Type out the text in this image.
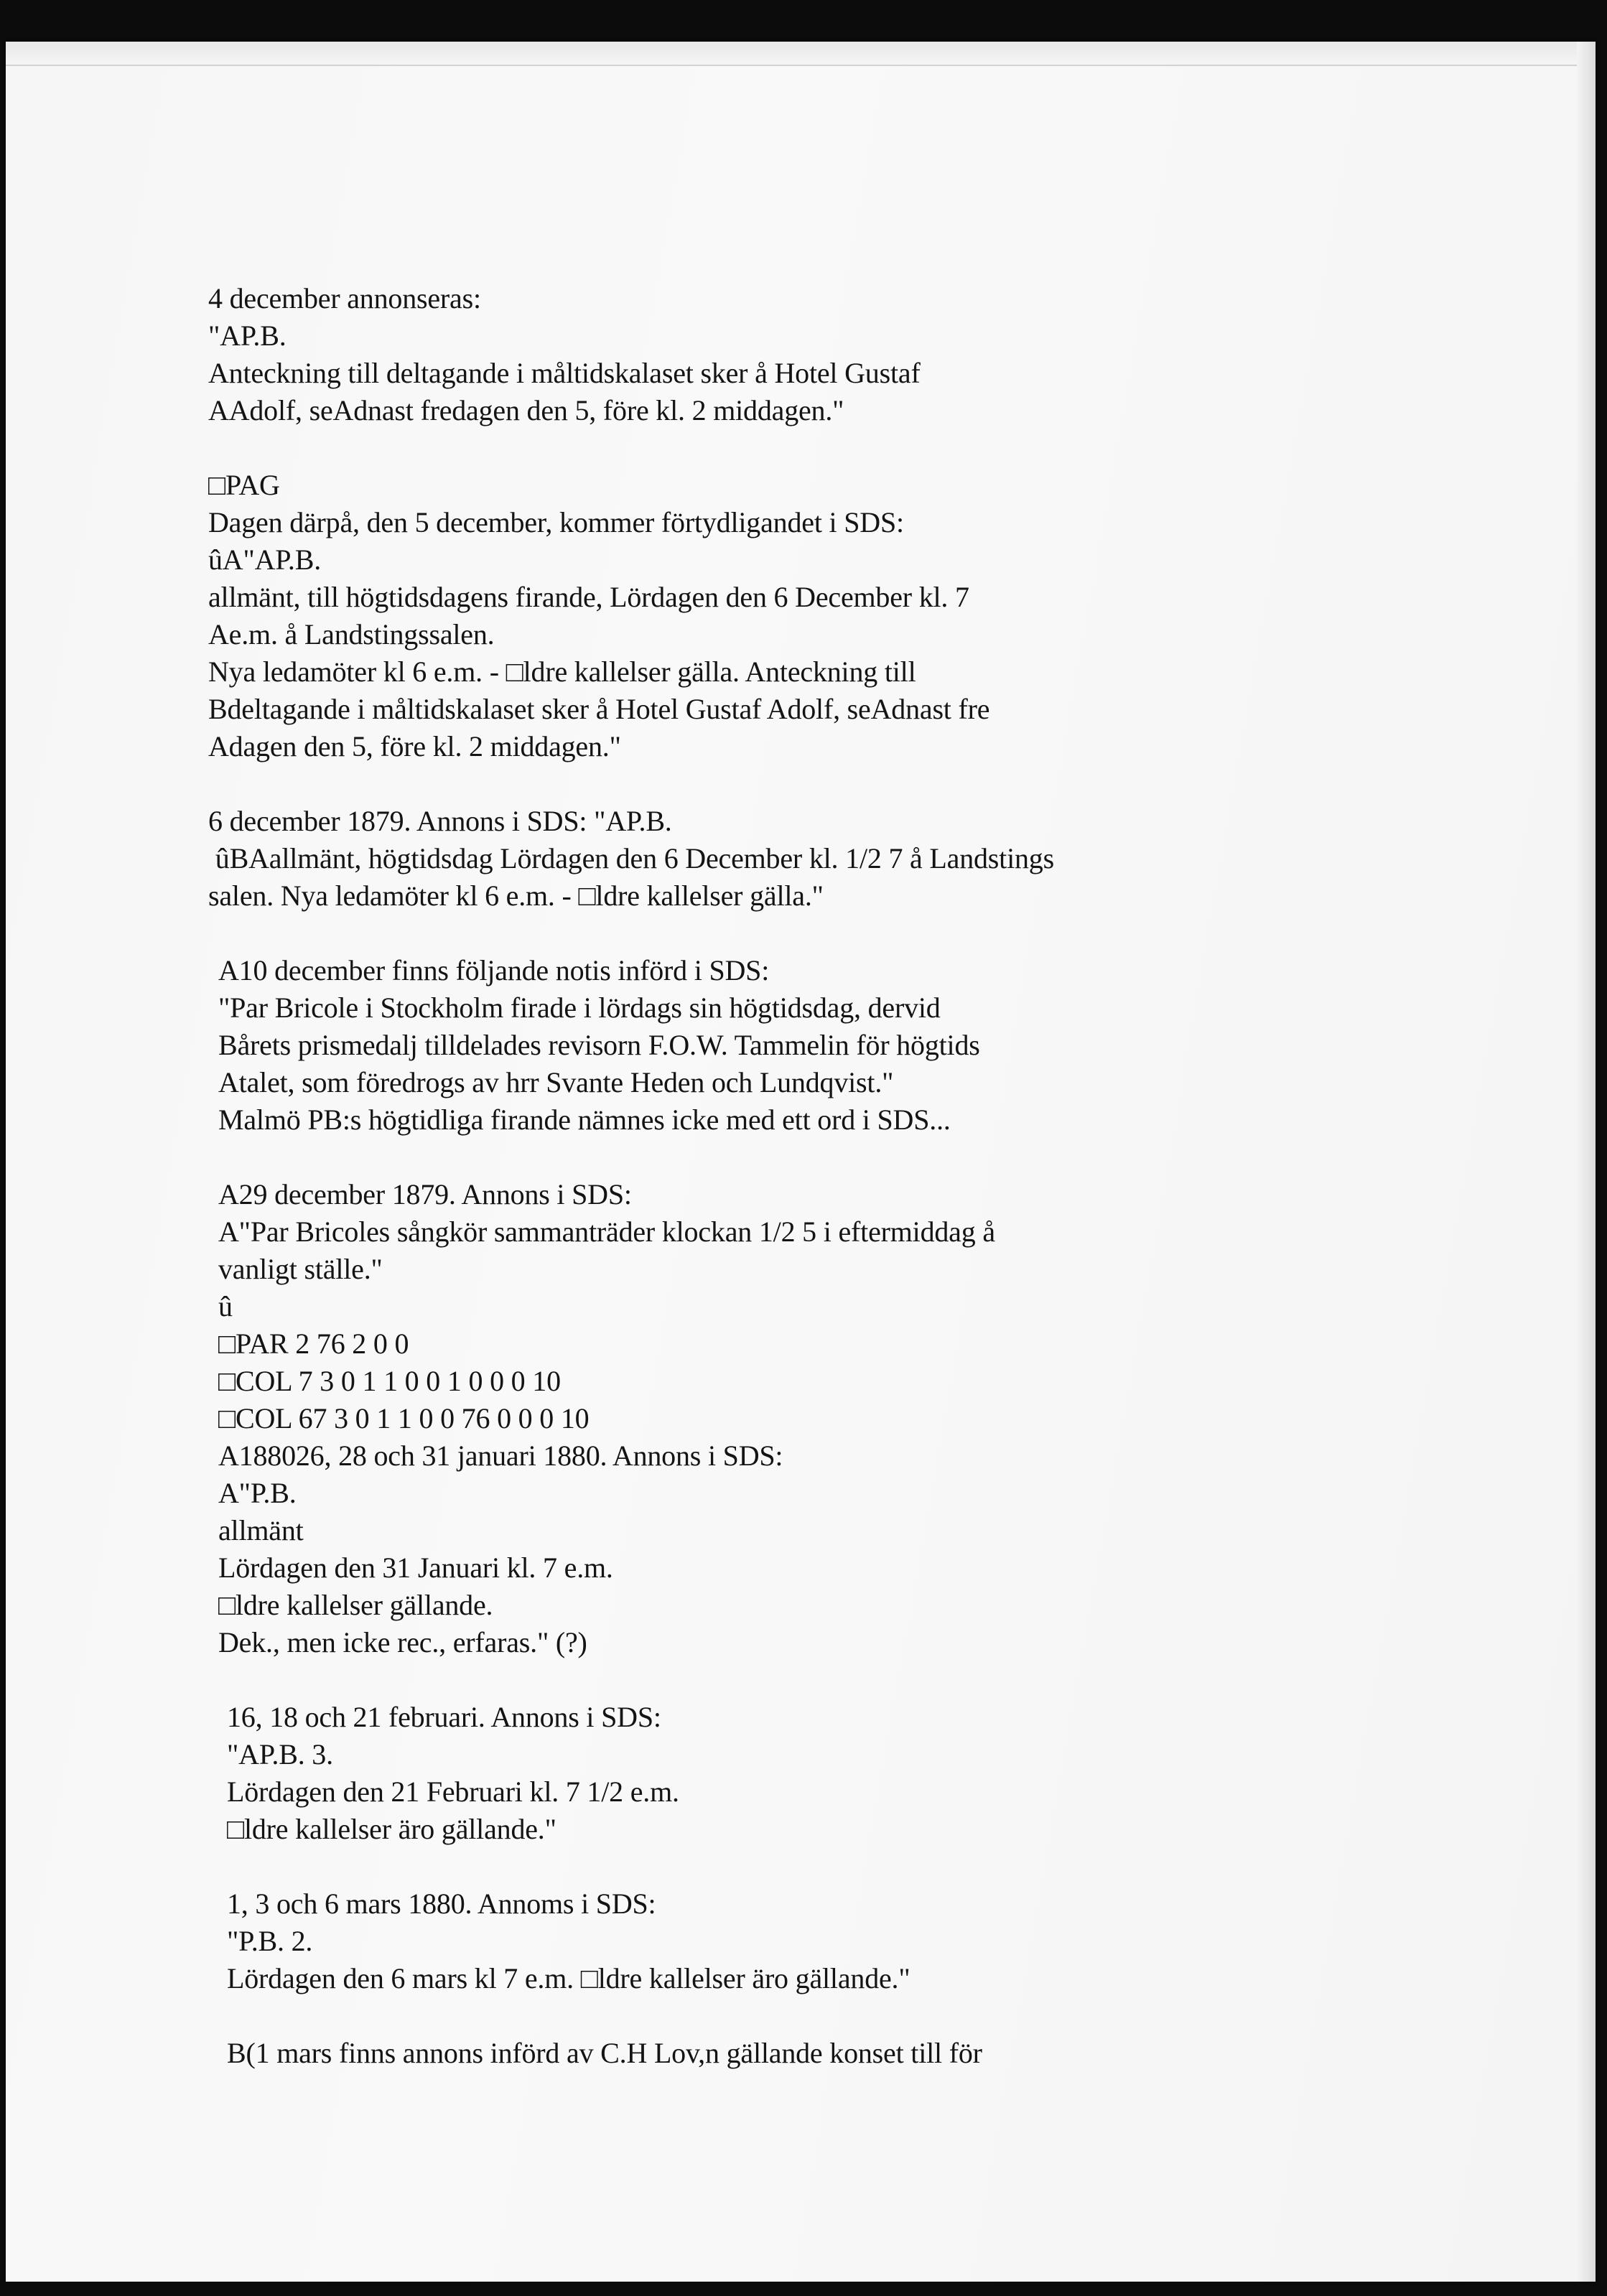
4 december annonseras:
"AP.B.
Anteckning till deltagande i måltidskalaset sker å Hotel Gustaf
AAdolf, seAdnast fredagen den 5, före kl. 2 middagen."
□PAG
Dagen därpå, den 5 december, kommer förtydligandet i SDS:
ûA"AP.B.
allmänt, till högtidsdagens firande, Lördagen den 6 December kl. 7
Ae.m. å Landstingssalen.
Nya ledamöter kl 6 e.m. - □ldre kallelser gälla. Anteckning till
Bdeltagande i måltidskalaset sker å Hotel Gustaf Adolf, seAdnast fre
Adagen den 5, före kl. 2 middagen."
6 december 1879. Annons i SDS: "AP.B.
ûBAallmänt, högtidsdag Lördagen den 6 December kl. 1/2 7 å Landstings
salen. Nya ledamöter kl 6 e.m. - □ldre kallelser gälla."
A10 december finns följande notis införd i SDS:
"Par Bricole i Stockholm firade i lördags sin högtidsdag, dervid
Bårets prismedalj tilldelades revisorn F.O.W. Tammelin för högtids
Atalet, som föredrogs av hrr Svante Heden och Lundqvist."
Malmö PB:s högtidliga firande nämnes icke med ett ord i SDS...
A29 december 1879. Annons i SDS:
A"Par Bricoles sångkör sammanträder klockan 1/2 5 i eftermiddag å
vanligt ställe."
û
□PAR 2 76 2 0 0
□COL 7 3 0 1 1 0 0 1 0 0 0 10
□COL 67 3 0 1 1 0 0 76 0 0 0 10
A188026, 28 och 31 januari 1880. Annons i SDS:
A"P.B.
allmänt
Lördagen den 31 Januari kl. 7 e.m.
□ldre kallelser gällande.
Dek., men icke rec., erfaras." (?)
16, 18 och 21 februari. Annons i SDS:
"AP.B. 3.
Lördagen den 21 Februari kl. 7 1/2 e.m.
□ldre kallelser äro gällande."
1, 3 och 6 mars 1880. Annoms i SDS:
"P.B. 2.
Lördagen den 6 mars kl 7 e.m. □ldre kallelser äro gällande."
B(1 mars finns annons införd av C.H Lov,n gällande konset till för
